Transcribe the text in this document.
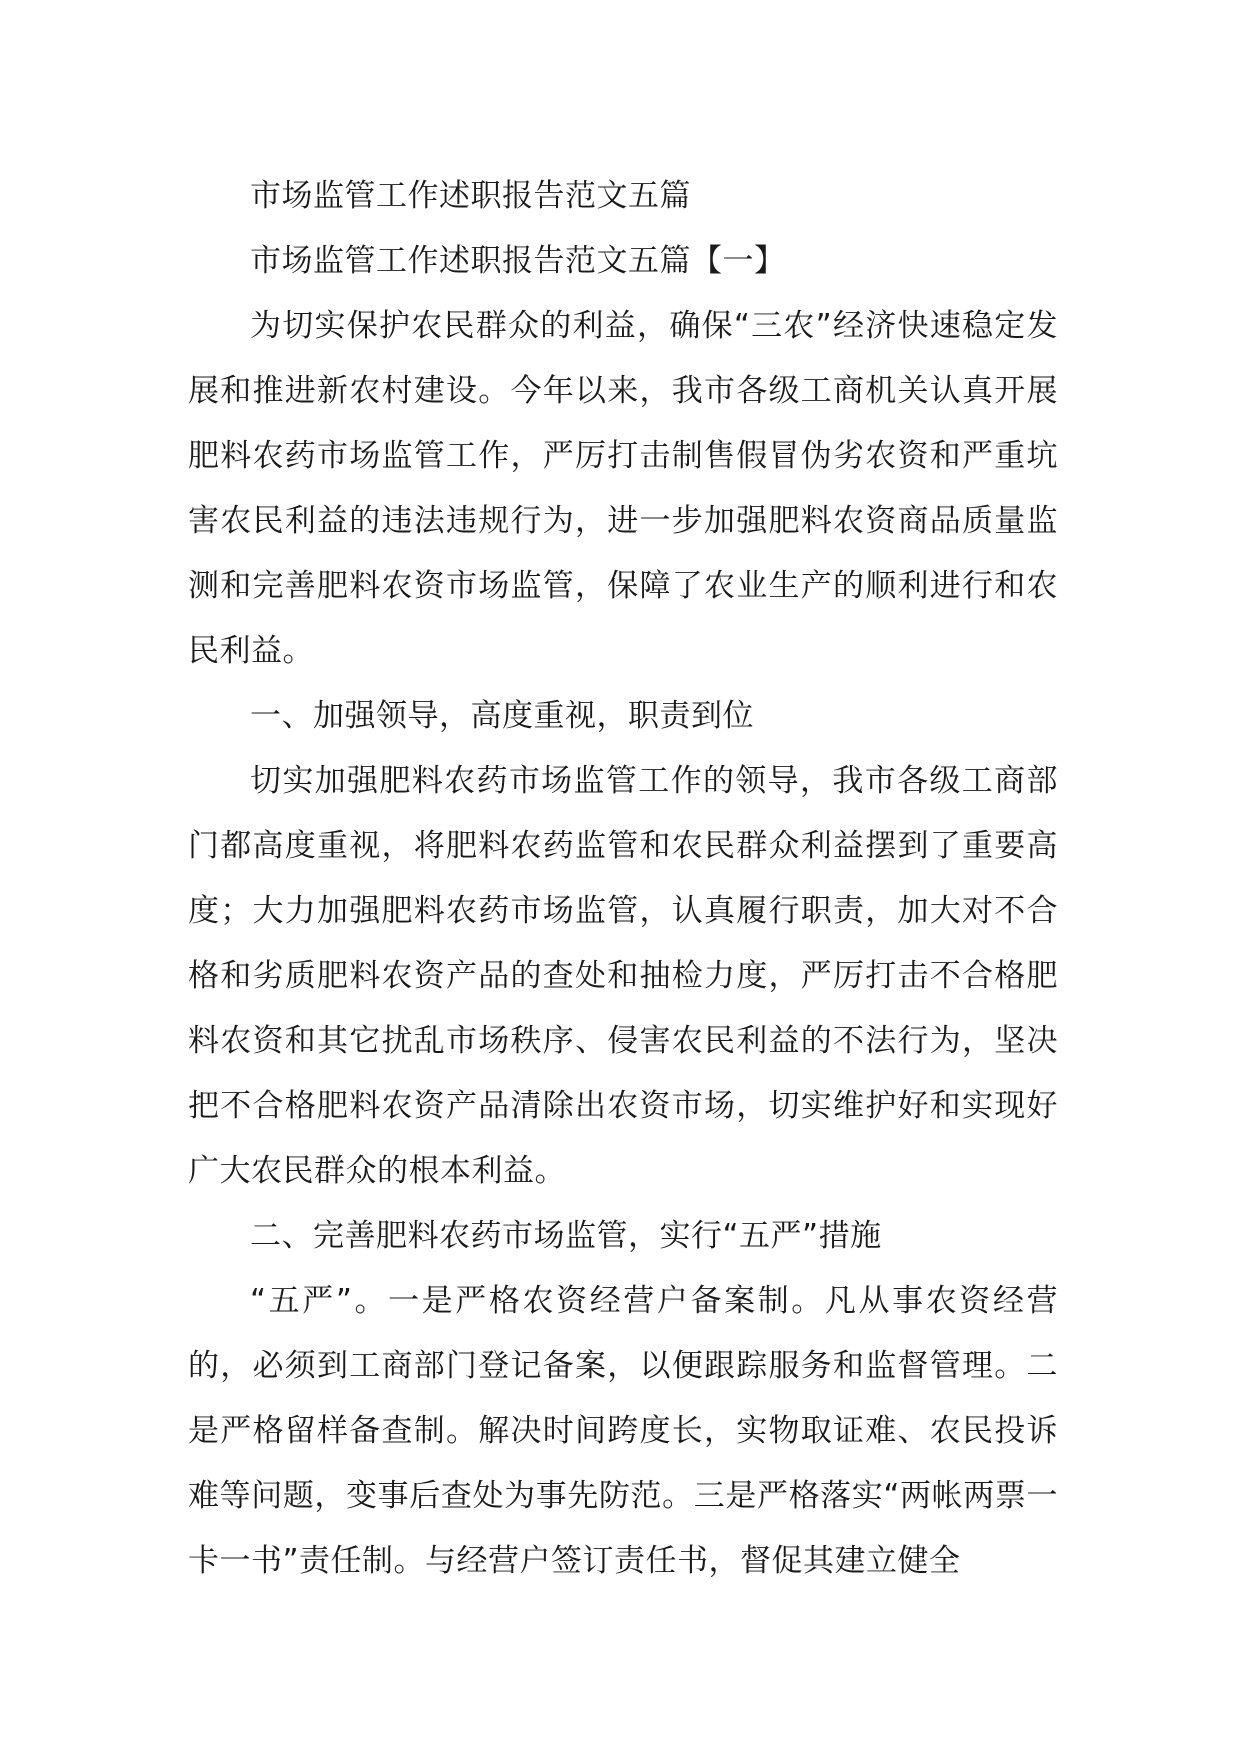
市场监管工作述职报告范文五篇

市场监管工作述职报告范文五篇【一】

为切实保护农民群众的利益，确保“三农”经济快速稳定发展和推进新农村建设。今年以来，我市各级工商机关认真开展肥料农药市场监管工作，严厉打击制售假冒伪劣农资和严重坑害农民利益的违法违规行为，进一步加强肥料农资商品质量监测和完善肥料农资市场监管，保障了农业生产的顺利进行和农民利益。

一、加强领导，高度重视，职责到位

切实加强肥料农药市场监管工作的领导，我市各级工商部门都高度重视，将肥料农药监管和农民群众利益摆到了重要高度；大力加强肥料农药市场监管，认真履行职责，加大对不合格和劣质肥料农资产品的查处和抽检力度，严厉打击不合格肥料农资和其它扰乱市场秩序、侵害农民利益的不法行为，坚决把不合格肥料农资产品清除出农资市场，切实维护好和实现好广大农民群众的根本利益。

二、完善肥料农药市场监管，实行“五严”措施

“五严”。一是严格农资经营户备案制。凡从事农资经营的，必须到工商部门登记备案，以便跟踪服务和监督管理。二是严格留样备查制。解决时间跨度长，实物取证难、农民投诉难等问题，变事后查处为事先防范。三是严格落实“两帐两票一卡一书”责任制。与经营户签订责任书，督促其建立健全
